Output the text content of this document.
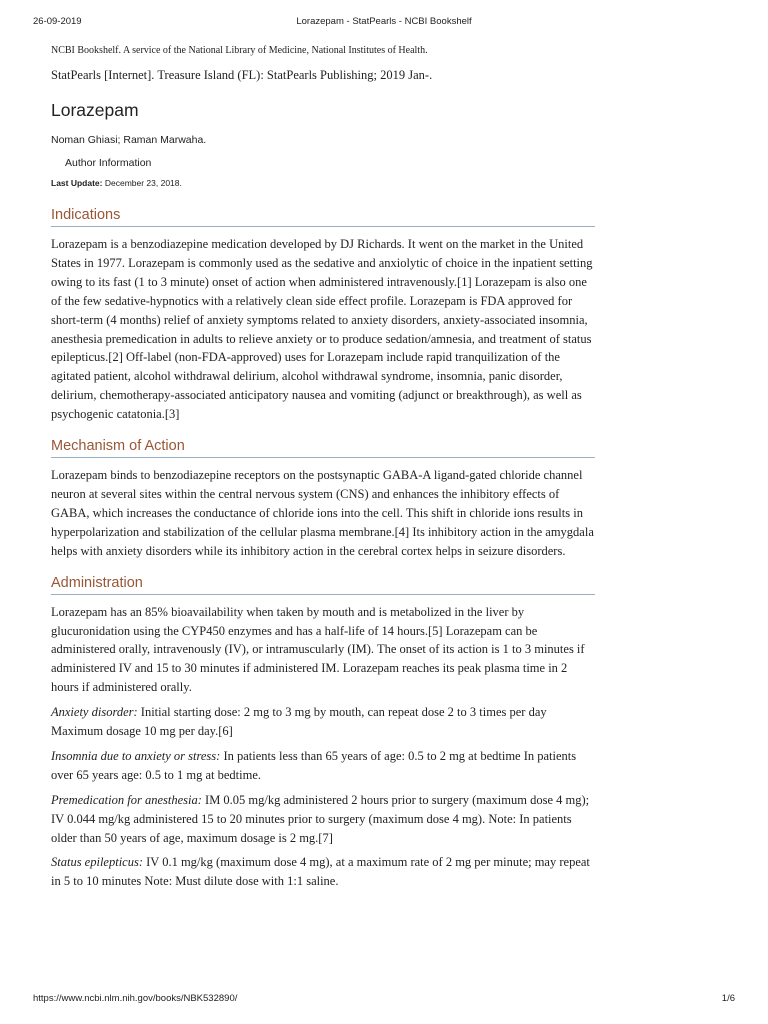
26-09-2019	Lorazepam - StatPearls - NCBI Bookshelf

NCBI Bookshelf. A service of the National Library of Medicine, National Institutes of Health.

StatPearls [Internet]. Treasure Island (FL): StatPearls Publishing; 2019 Jan-.

Lorazepam

Noman Ghiasi; Raman Marwaha.

Author Information

Last Update: December 23, 2018.

Indications

Lorazepam is a benzodiazepine medication developed by DJ Richards. It went on the market in the United States in 1977. Lorazepam is commonly used as the sedative and anxiolytic of choice in the inpatient setting owing to its fast (1 to 3 minute) onset of action when administered intravenously.[1] Lorazepam is also one of the few sedative-hypnotics with a relatively clean side effect profile. Lorazepam is FDA approved for short-term (4 months) relief of anxiety symptoms related to anxiety disorders, anxiety-associated insomnia, anesthesia premedication in adults to relieve anxiety or to produce sedation/amnesia, and treatment of status epilepticus.[2] Off-label (non-FDA-approved) uses for Lorazepam include rapid tranquilization of the agitated patient, alcohol withdrawal delirium, alcohol withdrawal syndrome, insomnia, panic disorder, delirium, chemotherapy-associated anticipatory nausea and vomiting (adjunct or breakthrough), as well as psychogenic catatonia.[3]

Mechanism of Action

Lorazepam binds to benzodiazepine receptors on the postsynaptic GABA-A ligand-gated chloride channel neuron at several sites within the central nervous system (CNS) and enhances the inhibitory effects of GABA, which increases the conductance of chloride ions into the cell. This shift in chloride ions results in hyperpolarization and stabilization of the cellular plasma membrane.[4] Its inhibitory action in the amygdala helps with anxiety disorders while its inhibitory action in the cerebral cortex helps in seizure disorders.

Administration

Lorazepam has an 85% bioavailability when taken by mouth and is metabolized in the liver by glucuronidation using the CYP450 enzymes and has a half-life of 14 hours.[5] Lorazepam can be administered orally, intravenously (IV), or intramuscularly (IM). The onset of its action is 1 to 3 minutes if administered IV and 15 to 30 minutes if administered IM. Lorazepam reaches its peak plasma time in 2 hours if administered orally.

Anxiety disorder: Initial starting dose: 2 mg to 3 mg by mouth, can repeat dose 2 to 3 times per day Maximum dosage 10 mg per day.[6]

Insomnia due to anxiety or stress: In patients less than 65 years of age: 0.5 to 2 mg at bedtime In patients over 65 years age: 0.5 to 1 mg at bedtime.

Premedication for anesthesia: IM 0.05 mg/kg administered 2 hours prior to surgery (maximum dose 4 mg); IV 0.044 mg/kg administered 15 to 20 minutes prior to surgery (maximum dose 4 mg). Note: In patients older than 50 years of age, maximum dosage is 2 mg.[7]

Status epilepticus: IV 0.1 mg/kg (maximum dose 4 mg), at a maximum rate of 2 mg per minute; may repeat in 5 to 10 minutes Note: Must dilute dose with 1:1 saline.

https://www.ncbi.nlm.nih.gov/books/NBK532890/	1/6
